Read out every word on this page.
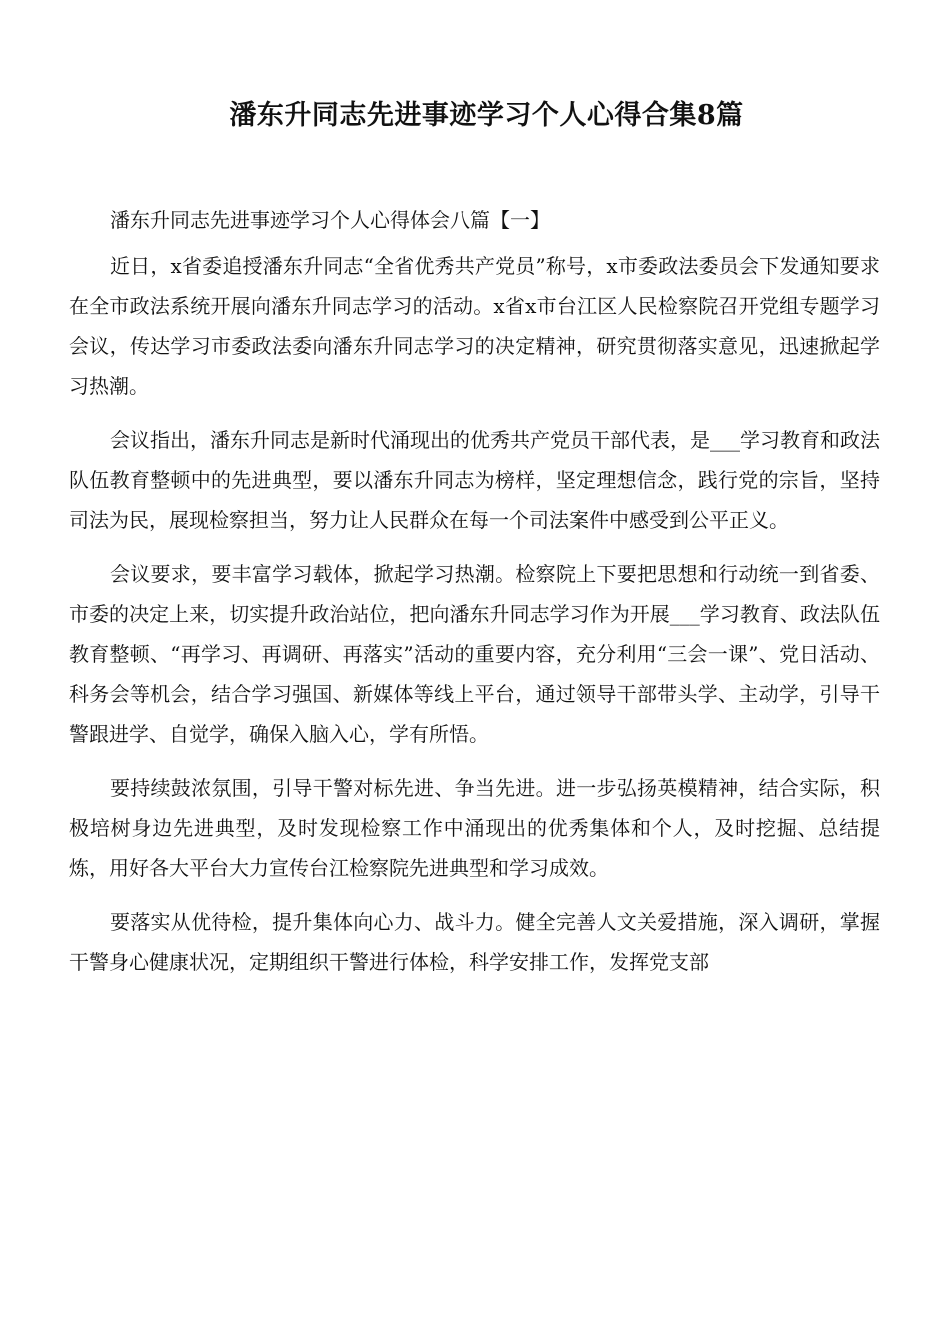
潘东升同志先进事迹学习个人心得合集8篇

潘东升同志先进事迹学习个人心得体会八篇【一】

近日，x省委追授潘东升同志“全省优秀共产党员”称号，x市委政法委员会下发通知要求在全市政法系统开展向潘东升同志学习的活动。x省x市台江区人民检察院召开党组专题学习会议，传达学习市委政法委向潘东升同志学习的决定精神，研究贯彻落实意见，迅速掀起学习热潮。

会议指出，潘东升同志是新时代涌现出的优秀共产党员干部代表，是___学习教育和政法队伍教育整顿中的先进典型，要以潘东升同志为榜样，坚定理想信念，践行党的宗旨，坚持司法为民，展现检察担当，努力让人民群众在每一个司法案件中感受到公平正义。

会议要求，要丰富学习载体，掀起学习热潮。检察院上下要把思想和行动统一到省委、市委的决定上来，切实提升政治站位，把向潘东升同志学习作为开展___学习教育、政法队伍教育整顿、“再学习、再调研、再落实”活动的重要内容，充分利用“三会一课”、党日活动、科务会等机会，结合学习强国、新媒体等线上平台，通过领导干部带头学、主动学，引导干警跟进学、自觉学，确保入脑入心，学有所悟。

要持续鼓浓氛围，引导干警对标先进、争当先进。进一步弘扬英模精神，结合实际，积极培树身边先进典型，及时发现检察工作中涌现出的优秀集体和个人，及时挖掘、总结提炼，用好各大平台大力宣传台江检察院先进典型和学习成效。

要落实从优待检，提升集体向心力、战斗力。健全完善人文关爱措施，深入调研，掌握干警身心健康状况，定期组织干警进行体检，科学安排工作，发挥党支部
